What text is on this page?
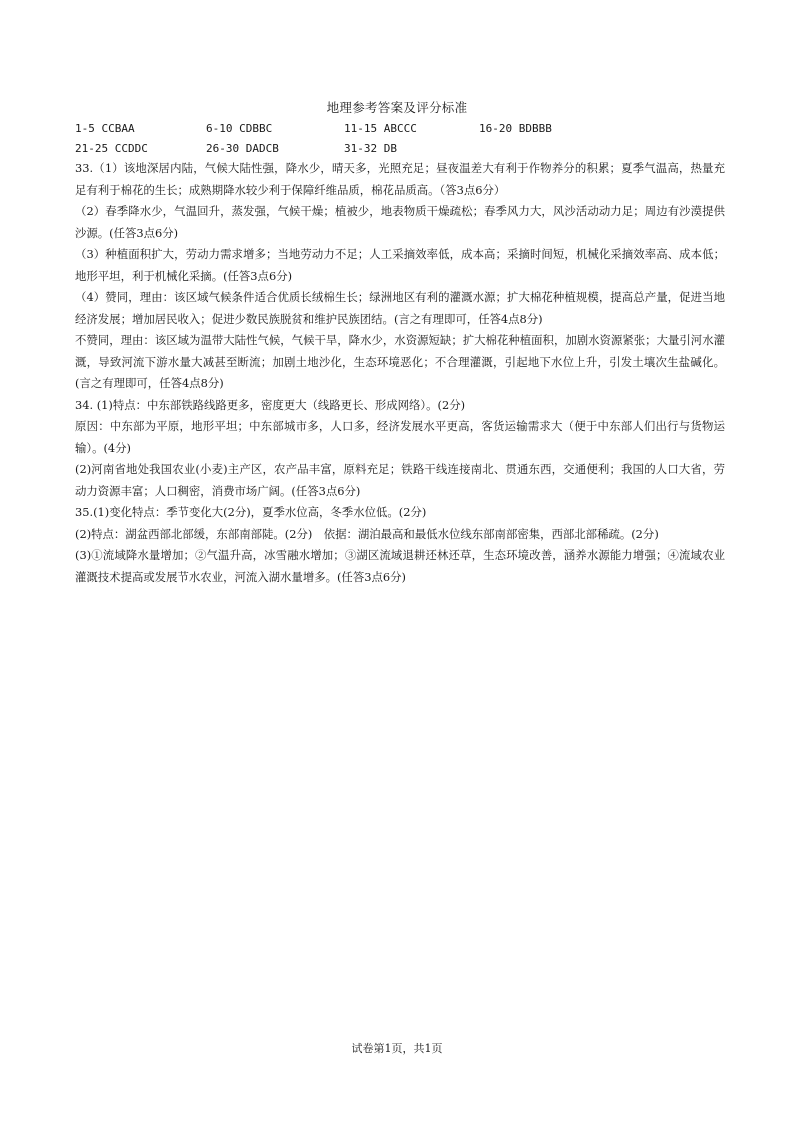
地理参考答案及评分标准
1-5 CCBAA	6-10 CDBBC	11-15 ABCCC	16-20 BDBBB
21-25 CCDDC	26-30 DADCB	31-32 DB

33.（1）该地深居内陆，气候大陆性强，降水少，晴天多，光照充足；昼夜温差大有利于作物养分的积累；夏季气温高，热量充足有利于棉花的生长；成熟期降水较少利于保障纤维品质，棉花品质高。（答3点6分）

（2）春季降水少，气温回升，蒸发强，气候干燥；植被少，地表物质干燥疏松；春季风力大，风沙活动动力足；周边有沙漠提供沙源。(任答3点6分)

（3）种植面积扩大，劳动力需求增多；当地劳动力不足；人工采摘效率低，成本高；采摘时间短，机械化采摘效率高、成本低；地形平坦，利于机械化采摘。(任答3点6分)

（4）赞同，理由：该区域气候条件适合优质长绒棉生长；绿洲地区有利的灌溉水源；扩大棉花种植规模，提高总产量，促进当地经济发展；增加居民收入；促进少数民族脱贫和维护民族团结。(言之有理即可，任答4点8分)

不赞同，理由：该区域为温带大陆性气候，气候干旱，降水少，水资源短缺；扩大棉花种植面积，加剧水资源紧张；大量引河水灌溉，导致河流下游水量大减甚至断流；加剧土地沙化，生态环境恶化；不合理灌溉，引起地下水位上升，引发土壤次生盐碱化。(言之有理即可，任答4点8分)

34. (1)特点：中东部铁路线路更多，密度更大（线路更长、形成网络）。(2分)

原因：中东部为平原，地形平坦；中东部城市多，人口多，经济发展水平更高，客货运输需求大（便于中东部人们出行与货物运输）。(4分)

(2)河南省地处我国农业(小麦)主产区，农产品丰富，原料充足；铁路干线连接南北、贯通东西，交通便利；我国的人口大省，劳动力资源丰富；人口稠密，消费市场广阔。(任答3点6分)

35.(1)变化特点：季节变化大(2分)，夏季水位高，冬季水位低。(2分)

(2)特点：湖盆西部北部缓，东部南部陡。(2分)　依据：湖泊最高和最低水位线东部南部密集，西部北部稀疏。(2分)

(3)①流域降水量增加；②气温升高，冰雪融水增加；③湖区流域退耕还林还草，生态环境改善，涵养水源能力增强；④流域农业灌溉技术提高或发展节水农业，河流入湖水量增多。(任答3点6分)

试卷第1页，共1页
